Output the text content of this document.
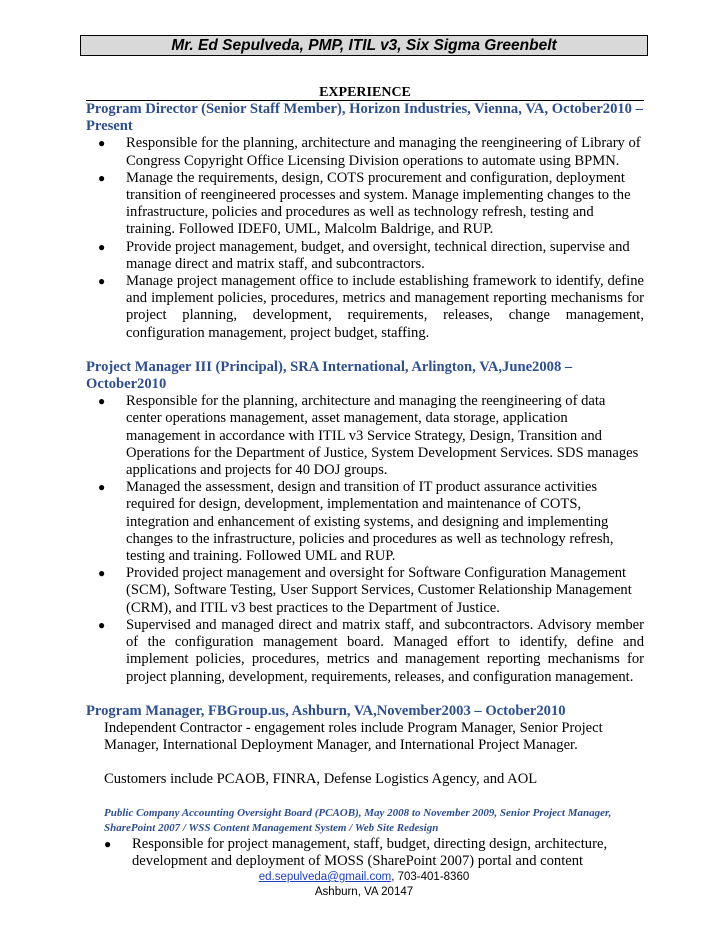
Mr. Ed Sepulveda, PMP, ITIL v3, Six Sigma Greenbelt
EXPERIENCE
Program Director (Senior Staff Member), Horizon Industries, Vienna, VA, October2010 – Present
● Responsible for the planning, architecture and managing the reengineering of Library of Congress Copyright Office Licensing Division operations to automate using BPMN.
● Manage the requirements, design, COTS procurement and configuration, deployment transition of reengineered processes and system. Manage implementing changes to the infrastructure, policies and procedures as well as technology refresh, testing and training. Followed IDEF0, UML, Malcolm Baldrige, and RUP.
● Provide project management, budget, and oversight, technical direction, supervise and manage direct and matrix staff, and subcontractors.
● Manage project management office to include establishing framework to identify, define and implement policies, procedures, metrics and management reporting mechanisms for project planning, development, requirements, releases, change management, configuration management, project budget, staffing.
Project Manager III (Principal), SRA International, Arlington, VA,June2008 – October2010
● Responsible for the planning, architecture and managing the reengineering of data center operations management, asset management, data storage, application management in accordance with ITIL v3 Service Strategy, Design, Transition and Operations for the Department of Justice, System Development Services. SDS manages applications and projects for 40 DOJ groups.
● Managed the assessment, design and transition of IT product assurance activities required for design, development, implementation and maintenance of COTS, integration and enhancement of existing systems, and designing and implementing changes to the infrastructure, policies and procedures as well as technology refresh, testing and training. Followed UML and RUP.
● Provided project management and oversight for Software Configuration Management (SCM), Software Testing, User Support Services, Customer Relationship Management (CRM), and ITIL v3 best practices to the Department of Justice.
● Supervised and managed direct and matrix staff, and subcontractors. Advisory member of the configuration management board. Managed effort to identify, define and implement policies, procedures, metrics and management reporting mechanisms for project planning, development, requirements, releases, and configuration management.
Program Manager, FBGroup.us, Ashburn, VA,November2003 – October2010
Independent Contractor - engagement roles include Program Manager, Senior Project Manager, International Deployment Manager, and International Project Manager.
Customers include PCAOB, FINRA, Defense Logistics Agency, and AOL
Public Company Accounting Oversight Board (PCAOB), May 2008 to November 2009, Senior Project Manager, SharePoint 2007 / WSS Content Management System / Web Site Redesign
● Responsible for project management, staff, budget, directing design, architecture, development and deployment of MOSS (SharePoint 2007) portal and content
ed.sepulveda@gmail.com, 703-401-8360
Ashburn, VA 20147
